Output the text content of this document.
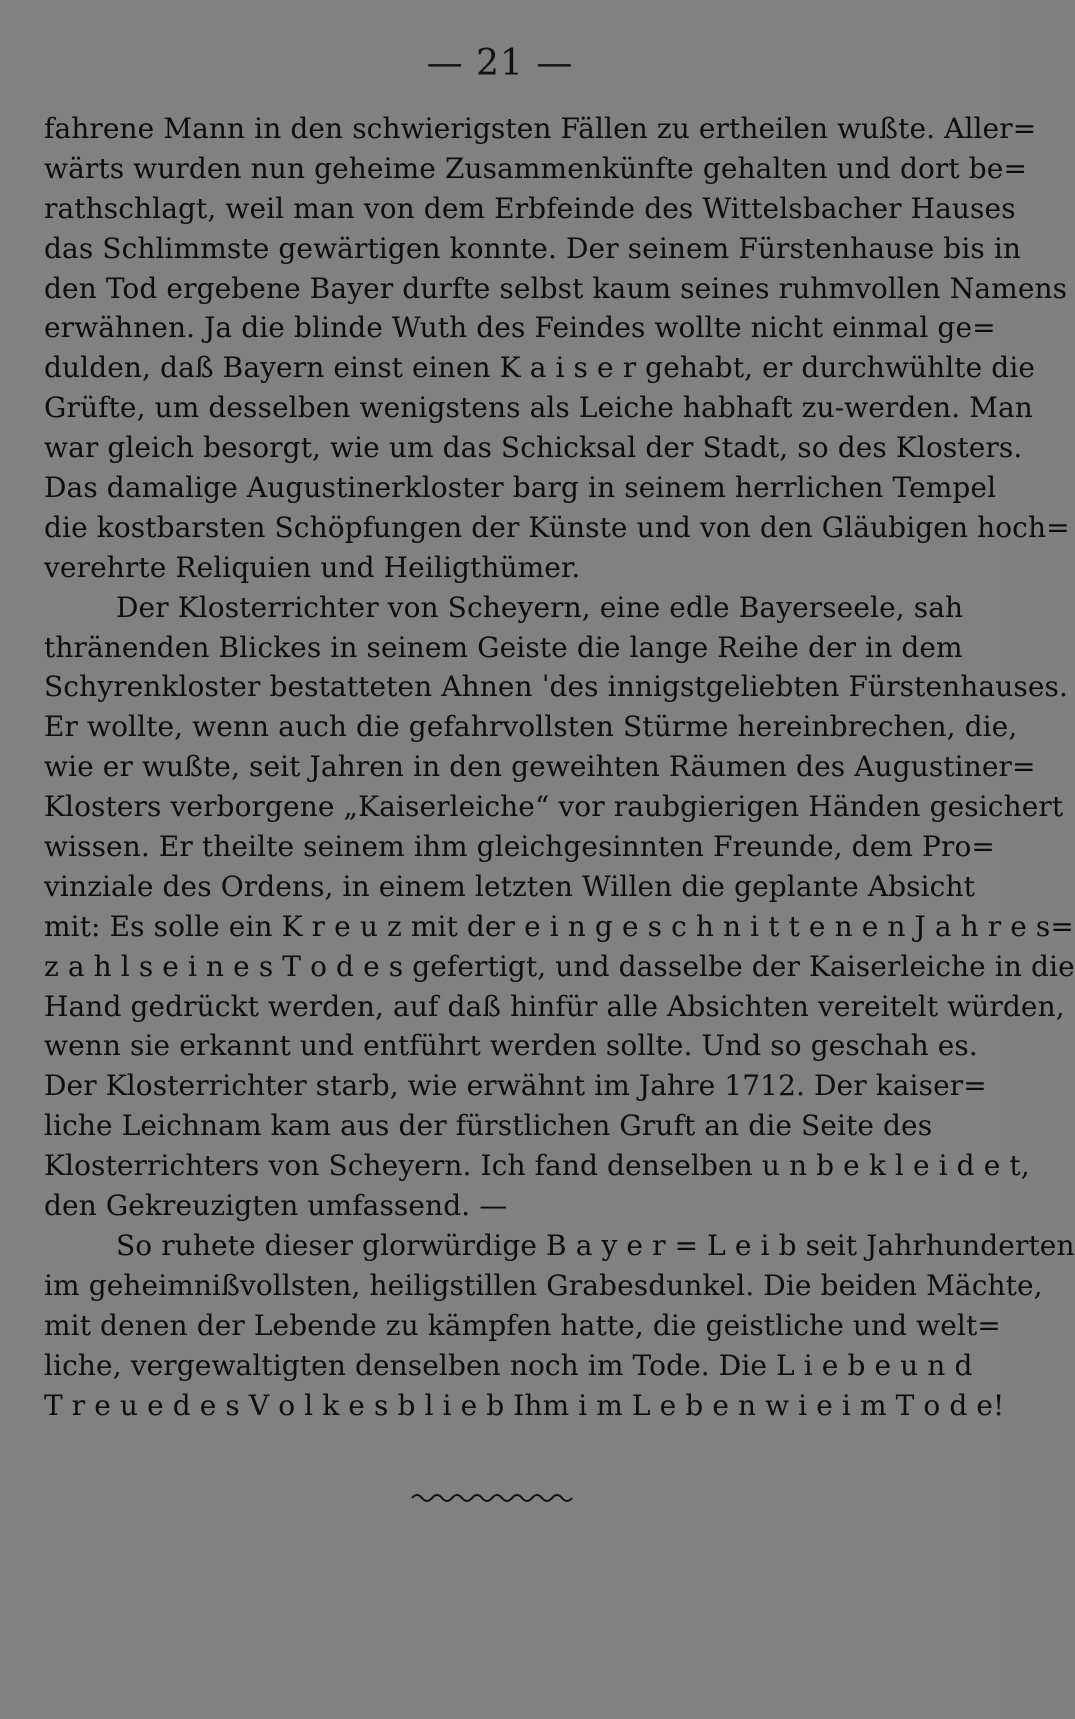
— 21 —
fahrene Mann in den schwierigsten Fällen zu ertheilen wußte. Aller=
wärts wurden nun geheime Zusammenkünfte gehalten und dort be=
rathschlagt, weil man von dem Erbfeinde des Wittelsbacher Hauses
das Schlimmste gewärtigen konnte. Der seinem Fürstenhause bis in
den Tod ergebene Bayer durfte selbst kaum seines ruhmvollen Namens
erwähnen. Ja die blinde Wuth des Feindes wollte nicht einmal ge=
dulden, daß Bayern einst einen K a i s e r gehabt, er durchwühlte die
Grüfte, um desselben wenigstens als Leiche habhaft zu-werden. Man
war gleich besorgt, wie um das Schicksal der Stadt, so des Klosters.
Das damalige Augustinerkloster barg in seinem herrlichen Tempel
die kostbarsten Schöpfungen der Künste und von den Gläubigen hoch=
verehrte Reliquien und Heiligthümer.
Der Klosterrichter von Scheyern, eine edle Bayerseele, sah
thränenden Blickes in seinem Geiste die lange Reihe der in dem
Schyrenkloster bestatteten Ahnen ˈdes innigstgeliebten Fürstenhauses.
Er wollte, wenn auch die gefahrvollsten Stürme hereinbrechen, die,
wie er wußte, seit Jahren in den geweihten Räumen des Augustiner=
Klosters verborgene „Kaiserleiche“ vor raubgierigen Händen gesichert
wissen. Er theilte seinem ihm gleichgesinnten Freunde, dem Pro=
vinziale des Ordens, in einem letzten Willen die geplante Absicht
mit: Es solle ein K r e u z mit der e i n g e s c h n i t t e n e n J a h r e s=
z a h l s e i n e s T o d e s gefertigt, und dasselbe der Kaiserleiche in die
Hand gedrückt werden, auf daß hinfür alle Absichten vereitelt würden,
wenn sie erkannt und entführt werden sollte. Und so geschah es.
Der Klosterrichter starb, wie erwähnt im Jahre 1712. Der kaiser=
liche Leichnam kam aus der fürstlichen Gruft an die Seite des
Klosterrichters von Scheyern. Ich fand denselben u n b e k l e i d e t,
den Gekreuzigten umfassend. —
So ruhete dieser glorwürdige B a y e r = L e i b seit Jahrhunderten
im geheimnißvollsten, heiligstillen Grabesdunkel. Die beiden Mächte,
mit denen der Lebende zu kämpfen hatte, die geistliche und welt=
liche, vergewaltigten denselben noch im Tode. Die L i e b e u n d
T r e u e d e s V o l k e s b l i e b Ihm i m L e b e n w i e i m T o d e!
